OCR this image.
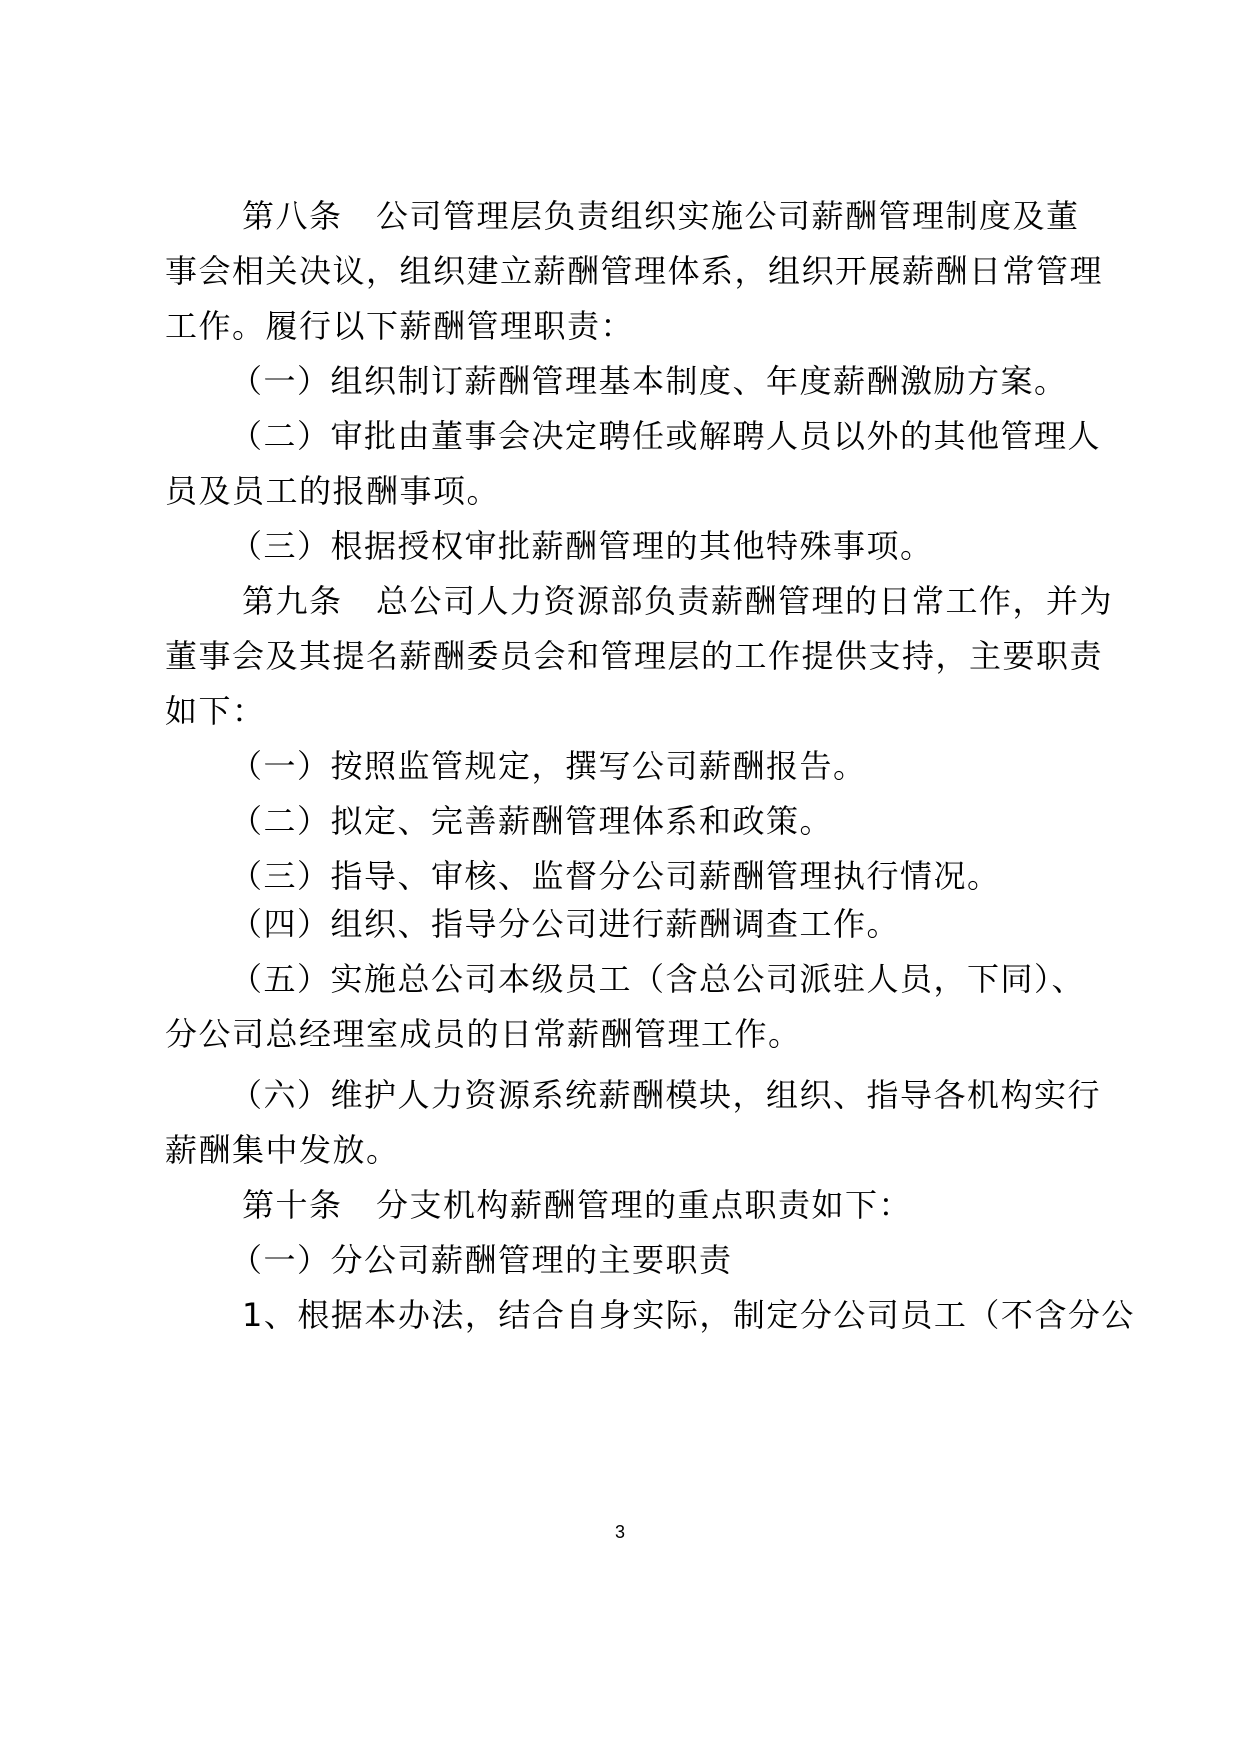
第八条　公司管理层负责组织实施公司薪酬管理制度及董
事会相关决议，组织建立薪酬管理体系，组织开展薪酬日常管理
工作。履行以下薪酬管理职责：
（一）组织制订薪酬管理基本制度、年度薪酬激励方案。
（二）审批由董事会决定聘任或解聘人员以外的其他管理人
员及员工的报酬事项。
（三）根据授权审批薪酬管理的其他特殊事项。
第九条　总公司人力资源部负责薪酬管理的日常工作，并为
董事会及其提名薪酬委员会和管理层的工作提供支持，主要职责
如下：
（一）按照监管规定，撰写公司薪酬报告。
（二）拟定、完善薪酬管理体系和政策。
（三）指导、审核、监督分公司薪酬管理执行情况。
（四）组织、指导分公司进行薪酬调查工作。
（五）实施总公司本级员工（含总公司派驻人员，下同）、
分公司总经理室成员的日常薪酬管理工作。
（六）维护人力资源系统薪酬模块，组织、指导各机构实行
薪酬集中发放。
第十条　分支机构薪酬管理的重点职责如下：
（一）分公司薪酬管理的主要职责
1、根据本办法，结合自身实际，制定分公司员工（不含分公
3
